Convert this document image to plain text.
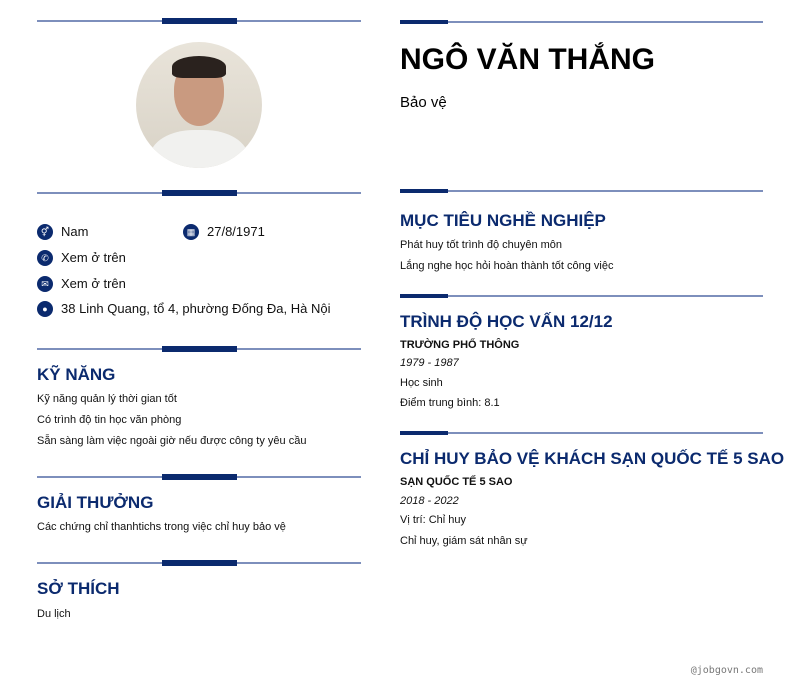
⚥ Nam	▦ 27/8/1971
✆ Xem ở trên
✉ Xem ở trên
●	38 Linh Quang, tổ 4, phường Đống Đa, Hà Nội
KỸ NĂNG
Kỹ năng quản lý thời gian tốt
Có trình độ tin học văn phòng
Sẵn sàng làm việc ngoài giờ nếu được công ty yêu cầu
GIẢI THƯỞNG
Các chứng chỉ thanhtichs trong việc chỉ huy bảo vệ
SỞ THÍCH
Du lịch
NGÔ VĂN THẮNG
Bảo vệ
MỤC TIÊU NGHỀ NGHIỆP
Phát huy tốt trình độ chuyên môn
Lắng nghe học hỏi hoàn thành tốt công việc
TRÌNH ĐỘ HỌC VẤN 12/12
TRƯỜNG PHỔ THÔNG
1979 - 1987
Học sinh
Điểm trung bình: 8.1
CHỈ HUY BẢO VỆ KHÁCH SẠN QUỐC TẾ 5 SAO
SẠN QUỐC TẾ 5 SAO
2018 - 2022
Vị trí: Chỉ huy
Chỉ huy, giám sát nhân sự
@jobgovn.com
